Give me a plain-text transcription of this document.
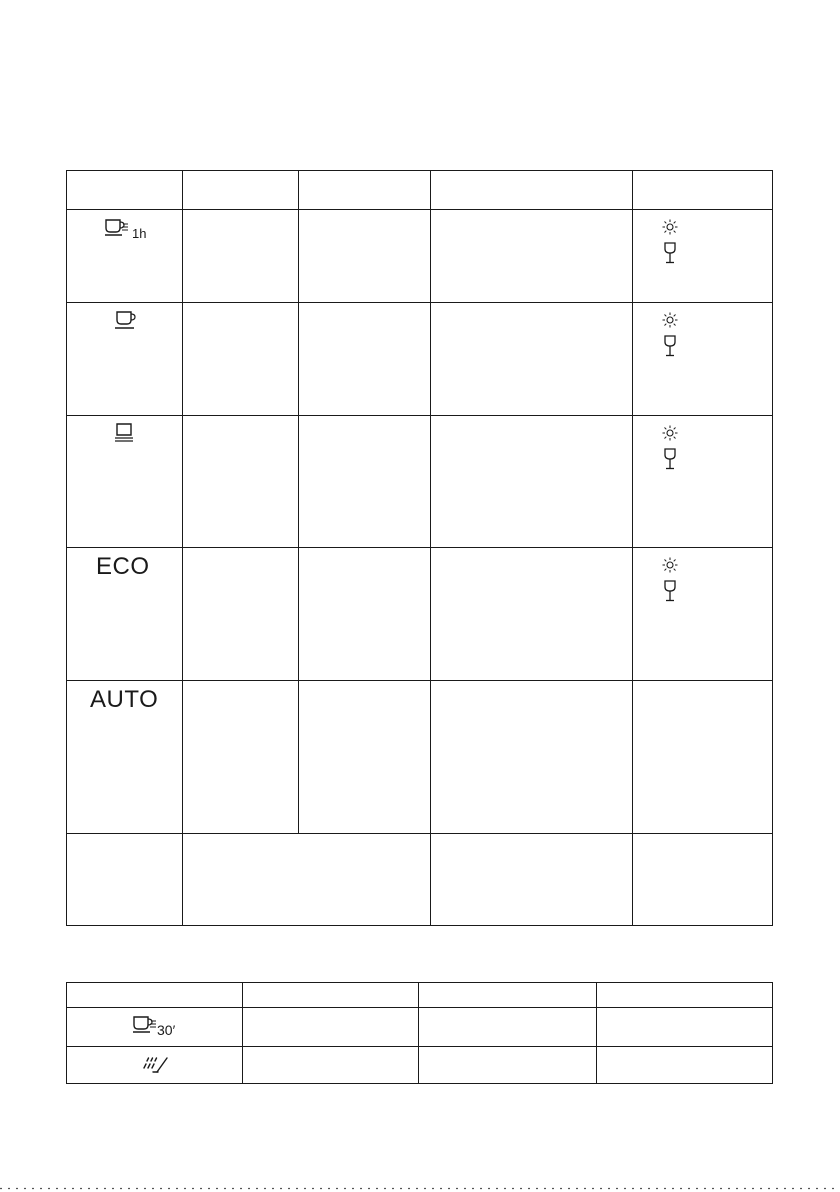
1h
ECO
AUTO
30′
